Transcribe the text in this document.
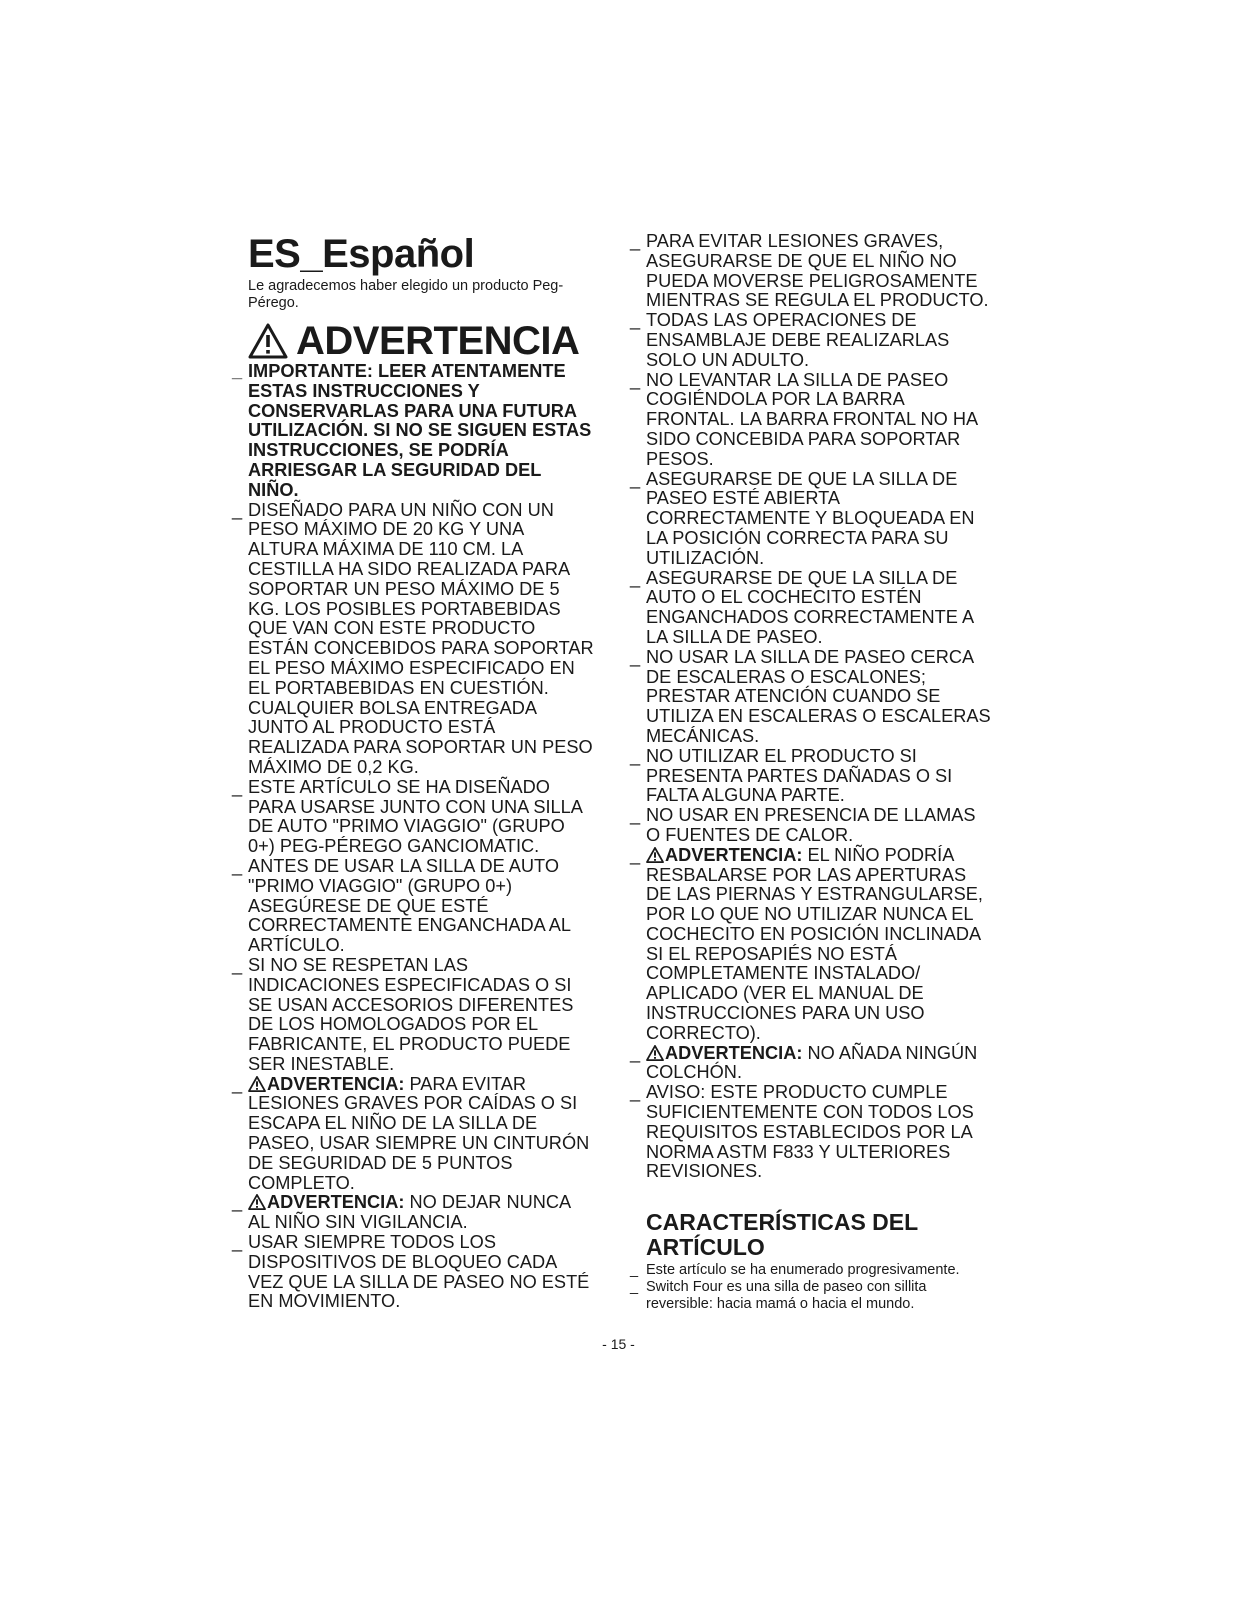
ES_Español

Le agradecemos haber elegido un producto Peg-Pérego.

ADVERTENCIA
_ IMPORTANTE: LEER ATENTAMENTE ESTAS INSTRUCCIONES Y CONSERVARLAS PARA UNA FUTURA UTILIZACIÓN. SI NO SE SIGUEN ESTAS INSTRUCCIONES, SE PODRÍA ARRIESGAR LA SEGURIDAD DEL NIÑO.
_ DISEÑADO PARA UN NIÑO CON UN PESO MÁXIMO DE 20 KG Y UNA ALTURA MÁXIMA DE 110 CM. LA CESTILLA HA SIDO REALIZADA PARA SOPORTAR UN PESO MÁXIMO DE 5 KG. LOS POSIBLES PORTABEBIDAS QUE VAN CON ESTE PRODUCTO ESTÁN CONCEBIDOS PARA SOPORTAR EL PESO MÁXIMO ESPECIFICADO EN EL PORTABEBIDAS EN CUESTIÓN. CUALQUIER BOLSA ENTREGADA JUNTO AL PRODUCTO ESTÁ REALIZADA PARA SOPORTAR UN PESO MÁXIMO DE 0,2 KG.
_ ESTE ARTÍCULO SE HA DISEÑADO PARA USARSE JUNTO CON UNA SILLA DE AUTO "PRIMO VIAGGIO" (GRUPO 0+) PEG-PÉREGO GANCIOMATIC.
_ ANTES DE USAR LA SILLA DE AUTO "PRIMO VIAGGIO" (GRUPO 0+) ASEGÚRESE DE QUE ESTÉ CORRECTAMENTE ENGANCHADA AL ARTÍCULO.
_ SI NO SE RESPETAN LAS INDICACIONES ESPECIFICADAS O SI SE USAN ACCESORIOS DIFERENTES DE LOS HOMOLOGADOS POR EL FABRICANTE, EL PRODUCTO PUEDE SER INESTABLE.
_ ADVERTENCIA: PARA EVITAR LESIONES GRAVES POR CAÍDAS O SI ESCAPA EL NIÑO DE LA SILLA DE PASEO, USAR SIEMPRE UN CINTURÓN DE SEGURIDAD DE 5 PUNTOS COMPLETO.
_ ADVERTENCIA: NO DEJAR NUNCA AL NIÑO SIN VIGILANCIA.
_ USAR SIEMPRE TODOS LOS DISPOSITIVOS DE BLOQUEO CADA VEZ QUE LA SILLA DE PASEO NO ESTÉ EN MOVIMIENTO.
_ PARA EVITAR LESIONES GRAVES, ASEGURARSE DE QUE EL NIÑO NO PUEDA MOVERSE PELIGROSAMENTE MIENTRAS SE REGULA EL PRODUCTO.
_ TODAS LAS OPERACIONES DE ENSAMBLAJE DEBE REALIZARLAS SOLO UN ADULTO.
_ NO LEVANTAR LA SILLA DE PASEO COGIÉNDOLA POR LA BARRA FRONTAL. LA BARRA FRONTAL NO HA SIDO CONCEBIDA PARA SOPORTAR PESOS.
_ ASEGURARSE DE QUE LA SILLA DE PASEO ESTÉ ABIERTA CORRECTAMENTE Y BLOQUEADA EN LA POSICIÓN CORRECTA PARA SU UTILIZACIÓN.
_ ASEGURARSE DE QUE LA SILLA DE AUTO O EL COCHECITO ESTÉN ENGANCHADOS CORRECTAMENTE A LA SILLA DE PASEO.
_ NO USAR LA SILLA DE PASEO CERCA DE ESCALERAS O ESCALONES; PRESTAR ATENCIÓN CUANDO SE UTILIZA EN ESCALERAS O ESCALERAS MECÁNICAS.
_ NO UTILIZAR EL PRODUCTO SI PRESENTA PARTES DAÑADAS O SI FALTA ALGUNA PARTE.
_ NO USAR EN PRESENCIA DE LLAMAS O FUENTES DE CALOR.
_ ADVERTENCIA: EL NIÑO PODRÍA RESBALARSE POR LAS APERTURAS DE LAS PIERNAS Y ESTRANGULARSE, POR LO QUE NO UTILIZAR NUNCA EL COCHECITO EN POSICIÓN INCLINADA SI EL REPOSAPIÉS NO ESTÁ COMPLETAMENTE INSTALADO/ APLICADO (VER EL MANUAL DE INSTRUCCIONES PARA UN USO CORRECTO).
_ ADVERTENCIA: NO AÑADA NINGÚN COLCHÓN.
_ AVISO: ESTE PRODUCTO CUMPLE SUFICIENTEMENTE CON TODOS LOS REQUISITOS ESTABLECIDOS POR LA NORMA ASTM F833 Y ULTERIORES REVISIONES.
CARACTERÍSTICAS DEL ARTÍCULO
_ Este artículo se ha enumerado progresivamente.
_ Switch Four es una silla de paseo con sillita reversible: hacia mamá o hacia el mundo.
- 15 -
